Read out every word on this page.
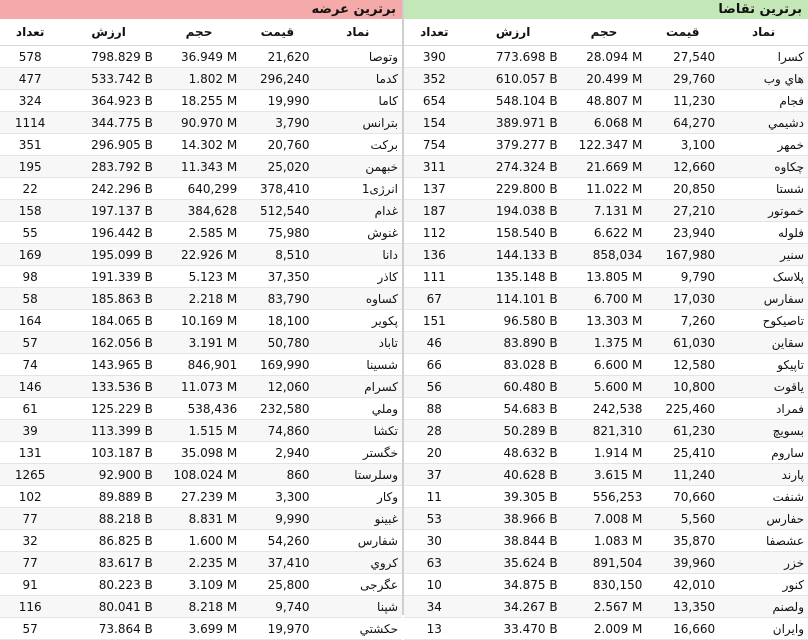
برترین تقاضا
نماد	قیمت	حجم	ارزش	تعداد
کسرا	27,540	28.094 M	773.698 B	390
هاي وب	29,760	20.499 M	610.057 B	352
فجام	11,230	48.807 M	548.104 B	654
دشيمي	64,270	6.068 M	389.971 B	154
خمهر	3,100	122.347 M	379.277 B	754
چکاوه	12,660	21.669 M	274.324 B	311
شستا	20,850	11.022 M	229.800 B	137
خموتور	27,210	7.131 M	194.038 B	187
فلوله	23,940	6.622 M	158.540 B	112
سنير	167,980	858,034	144.133 B	136
پلاسک	9,790	13.805 M	135.148 B	111
سفارس	17,030	6.700 M	114.101 B	67
تاصيکوح	7,260	13.303 M	96.580 B	151
سقاين	61,030	1.375 M	83.890 B	46
تاپيکو	12,580	6.600 M	83.028 B	66
ياقوت	10,800	5.600 M	60.480 B	56
فمراد	225,460	242,538	54.683 B	88
بسويچ	61,230	821,310	50.289 B	28
ساروم	25,410	1.914 M	48.632 B	20
پارند	11,240	3.615 M	40.628 B	37
شنفت	70,660	556,253	39.305 B	11
حفارس	5,560	7.008 M	38.966 B	53
عشصفا	35,870	1.083 M	38.844 B	30
خزر	39,960	891,504	35.624 B	63
کنور	42,010	830,150	34.875 B	10
ولصنم	13,350	2.567 M	34.267 B	34
وايران	16,660	2.009 M	33.470 B	13
برترین عرضه
نماد	قیمت	حجم	ارزش	تعداد
وتوصا	21,620	36.949 M	798.829 B	578
کدما	296,240	1.802 M	533.742 B	477
کاما	19,990	18.255 M	364.923 B	324
بترانس	3,790	90.970 M	344.775 B	1114
برکت	20,760	14.302 M	296.905 B	351
خبهمن	25,020	11.343 M	283.792 B	195
انرژی1	378,410	640,299	242.296 B	22
غدام	512,540	384,628	197.137 B	158
غنوش	75,980	2.585 M	196.442 B	55
دانا	8,510	22.926 M	195.099 B	169
کاذر	37,350	5.123 M	191.339 B	98
کساوه	83,790	2.218 M	185.863 B	58
پکوير	18,100	10.169 M	184.065 B	164
تاباد	50,780	3.191 M	162.056 B	57
شسينا	169,990	846,901	143.965 B	74
کسرام	12,060	11.073 M	133.536 B	146
وملي	232,580	538,436	125.229 B	61
تکشا	74,860	1.515 M	113.399 B	39
خگستر	2,940	35.098 M	103.187 B	131
وسلرستا	860	108.024 M	92.900 B	1265
وکار	3,300	27.239 M	89.889 B	102
غبينو	9,990	8.831 M	88.218 B	77
شفارس	54,260	1.600 M	86.825 B	32
کروي	37,410	2.235 M	83.617 B	77
عگرجی	25,800	3.109 M	80.223 B	91
شپنا	9,740	8.218 M	80.041 B	116
حکشتي	19,970	3.699 M	73.864 B	57
